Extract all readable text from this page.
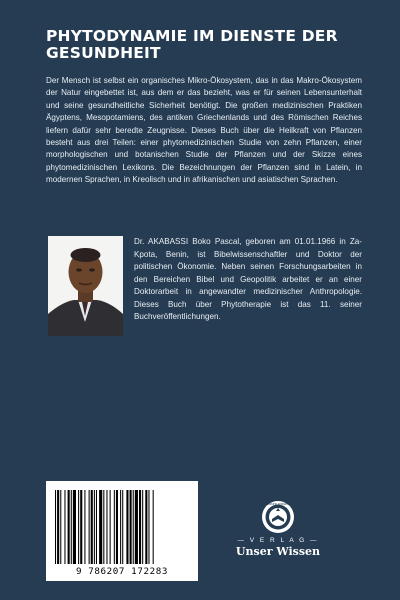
PHYTODYNAMIE IM DIENSTE DER GESUNDHEIT

Der Mensch ist selbst ein organisches Mikro-Ökosystem, das in das Makro-Ökosystem der Natur eingebettet ist, aus dem er das bezieht, was er für seinen Lebensunterhalt und seine gesundheitliche Sicherheit benötigt. Die großen medizinischen Praktiken Ägyptens, Mesopotamiens, des antiken Griechenlands und des Römischen Reiches liefern dafür sehr beredte Zeugnisse. Dieses Buch über die Heilkraft von Pflanzen besteht aus drei Teilen: einer phytomedizinischen Studie von zehn Pflanzen, einer morphologischen und botanischen Studie der Pflanzen und der Skizze eines phytomedizinischen Lexikons. Die Bezeichnungen der Pflanzen sind in Latein, in modernen Sprachen, in Kreolisch und in afrikanischen und asiatischen Sprachen.

Dr. AKABASSI Boko Pascal, geboren am 01.01.1966 in Za-Kpota, Benin, ist Bibelwissenschaftler und Doktor der politischen Ökonomie. Neben seinen Forschungsarbeiten in den Bereichen Bibel und Geopolitik arbeitet er an einer Doktorarbeit in angewandter medizinischer Anthropologie. Dieses Buch über Phytotherapie ist das 11. seiner Buchveröffentlichungen.

9 786207 172283
UNSER WISSEN
— V E R L A G —
Unser Wissen
